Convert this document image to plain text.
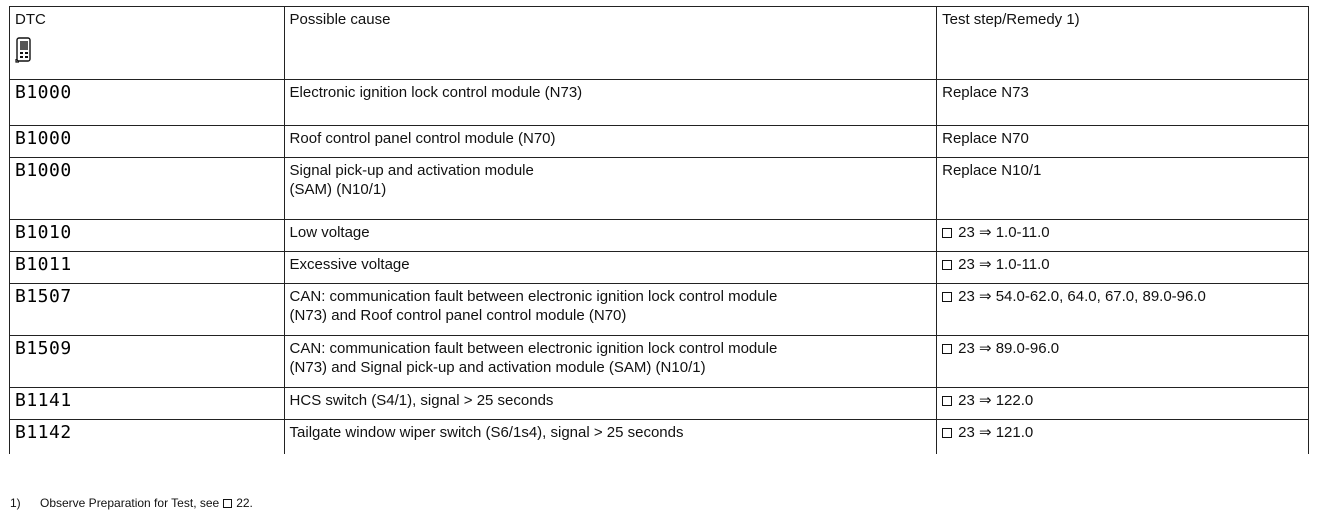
DTC	Possible cause	Test step/Remedy 1)
B1000	Electronic ignition lock control module (N73)	Replace N73
B1000	Roof control panel control module (N70)	Replace N70
B1000	Signal pick-up and activation module
(SAM) (N10/1)	Replace N10/1
B1010	Low voltage	23 ⇒ 1.0-11.0
B1011	Excessive voltage	23 ⇒ 1.0-11.0
B1507	CAN: communication fault between electronic ignition lock control module
(N73) and Roof control panel control module (N70)	23 ⇒ 54.0-62.0, 64.0, 67.0, 89.0-96.0
B1509	CAN: communication fault between electronic ignition lock control module
(N73) and Signal pick-up and activation module (SAM) (N10/1)	23 ⇒ 89.0-96.0
B1141	HCS switch (S4/1), signal > 25 seconds	23 ⇒ 122.0
B1142	Tailgate window wiper switch (S6/1s4), signal > 25 seconds	23 ⇒ 121.0
1) Observe Preparation for Test, see 22.
